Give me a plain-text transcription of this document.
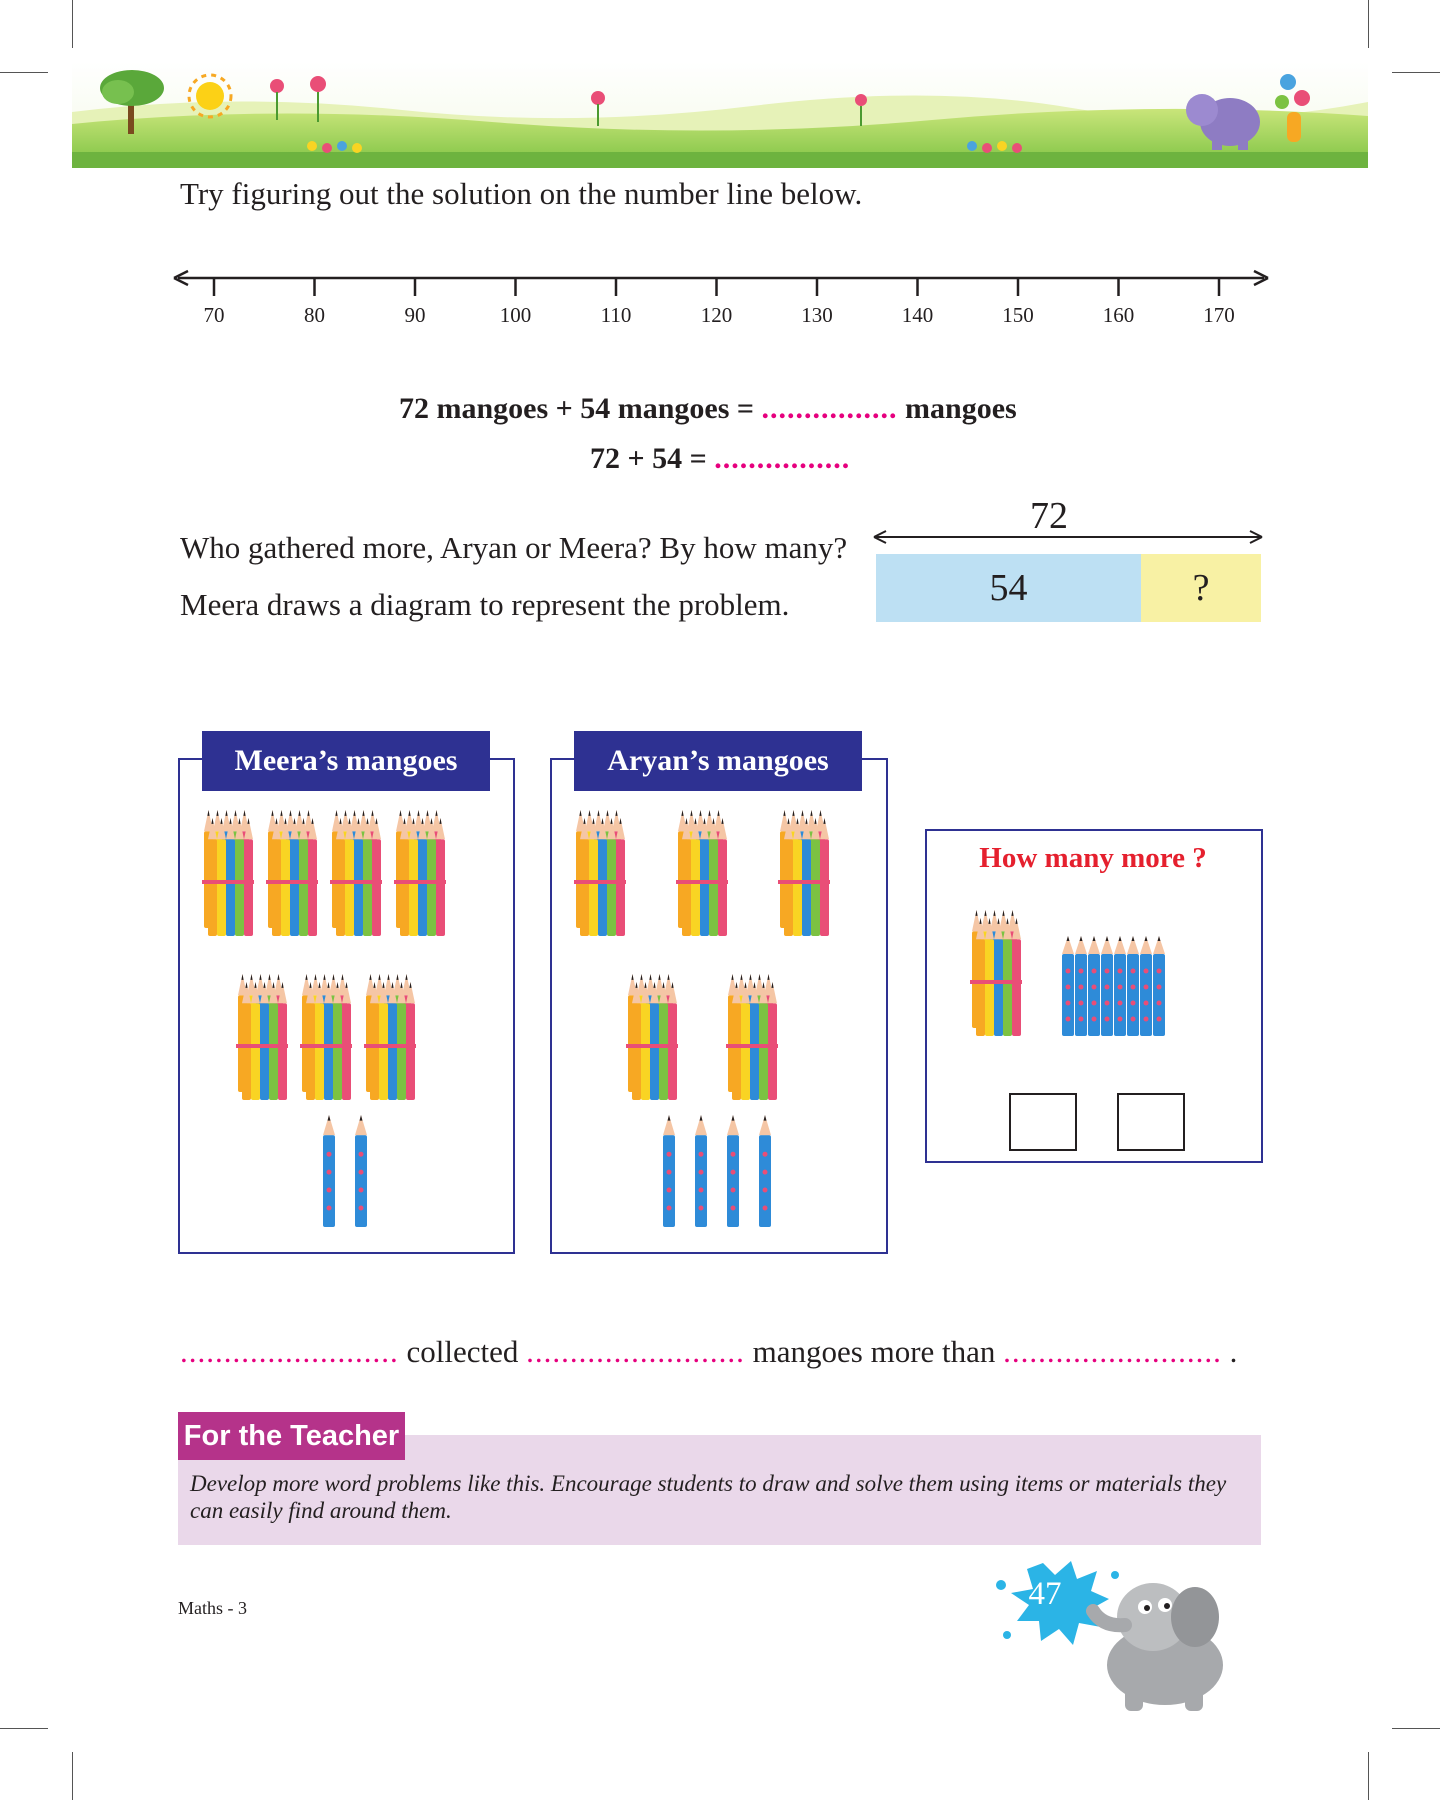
Try figuring out the solution on the number line below.
70	80	90	100	110	120	130	140	150	160	170
72 mangoes + 54 mangoes = ................ mangoes
72 + 54 = ................
Who gathered more, Aryan or Meera? By how many?
Meera draws a diagram to represent the problem.
72
54	?
Meera’s mangoes	Aryan’s mangoes
How many more ?
......................... collected ......................... mangoes more than ......................... .
For the Teacher
Develop more word problems like this. Encourage students to draw and solve them using items or materials they can easily find around them.
Maths - 3	47
